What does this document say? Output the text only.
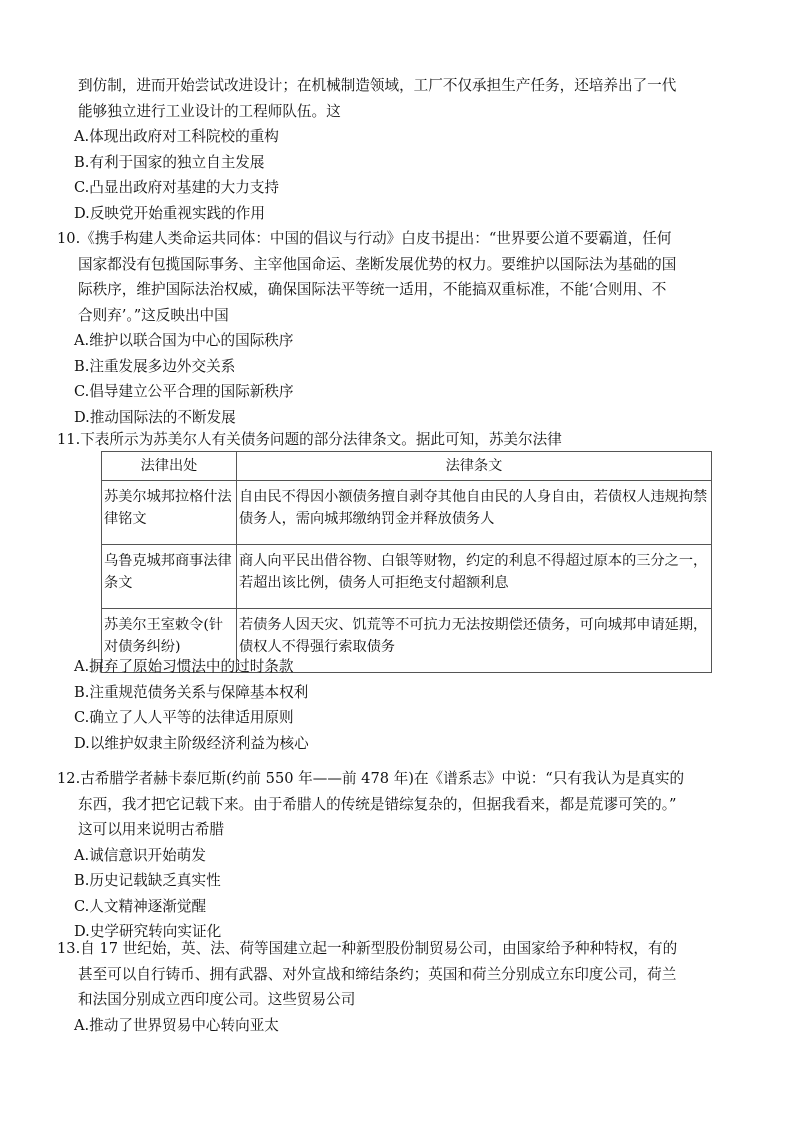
到仿制，进而开始尝试改进设计；在机械制造领域，工厂不仅承担生产任务，还培养出了一代

能够独立进行工业设计的工程师队伍。这

A.体现出政府对工科院校的重构

B.有利于国家的独立自主发展

C.凸显出政府对基建的大力支持

D.反映党开始重视实践的作用

10.《携手构建人类命运共同体：中国的倡议与行动》白皮书提出：“世界要公道不要霸道，任何

国家都没有包揽国际事务、主宰他国命运、垄断发展优势的权力。要维护以国际法为基础的国

际秩序，维护国际法治权威，确保国际法平等统一适用，不能搞双重标准，不能‘合则用、不

合则弃’。”这反映出中国

A.维护以联合国为中心的国际秩序

B.注重发展多边外交关系

C.倡导建立公平合理的国际新秩序

D.推动国际法的不断发展

11.下表所示为苏美尔人有关债务问题的部分法律条文。据此可知，苏美尔法律

法律出处	法律条文
苏美尔城邦拉格什法律铭文	自由民不得因小额债务擅自剥夺其他自由民的人身自由，若债权人违规拘禁债务人，需向城邦缴纳罚金并释放债务人
乌鲁克城邦商事法律条文	商人向平民出借谷物、白银等财物，约定的利息不得超过原本的三分之一，若超出该比例，债务人可拒绝支付超额利息
苏美尔王室敕令(针对债务纠纷)	若债务人因天灾、饥荒等不可抗力无法按期偿还债务，可向城邦申请延期，债权人不得强行索取债务

A.摒弃了原始习惯法中的过时条款

B.注重规范债务关系与保障基本权利

C.确立了人人平等的法律适用原则

D.以维护奴隶主阶级经济利益为核心

12.古希腊学者赫卡泰厄斯(约前 550 年——前 478 年)在《谱系志》中说：“只有我认为是真实的

东西，我才把它记载下来。由于希腊人的传统是错综复杂的，但据我看来，都是荒谬可笑的。”

这可以用来说明古希腊

A.诚信意识开始萌发

B.历史记载缺乏真实性

C.人文精神逐渐觉醒

D.史学研究转向实证化

13.自 17 世纪始，英、法、荷等国建立起一种新型股份制贸易公司，由国家给予种种特权，有的

甚至可以自行铸币、拥有武器、对外宣战和缔结条约；英国和荷兰分别成立东印度公司，荷兰

和法国分别成立西印度公司。这些贸易公司

A.推动了世界贸易中心转向亚太
